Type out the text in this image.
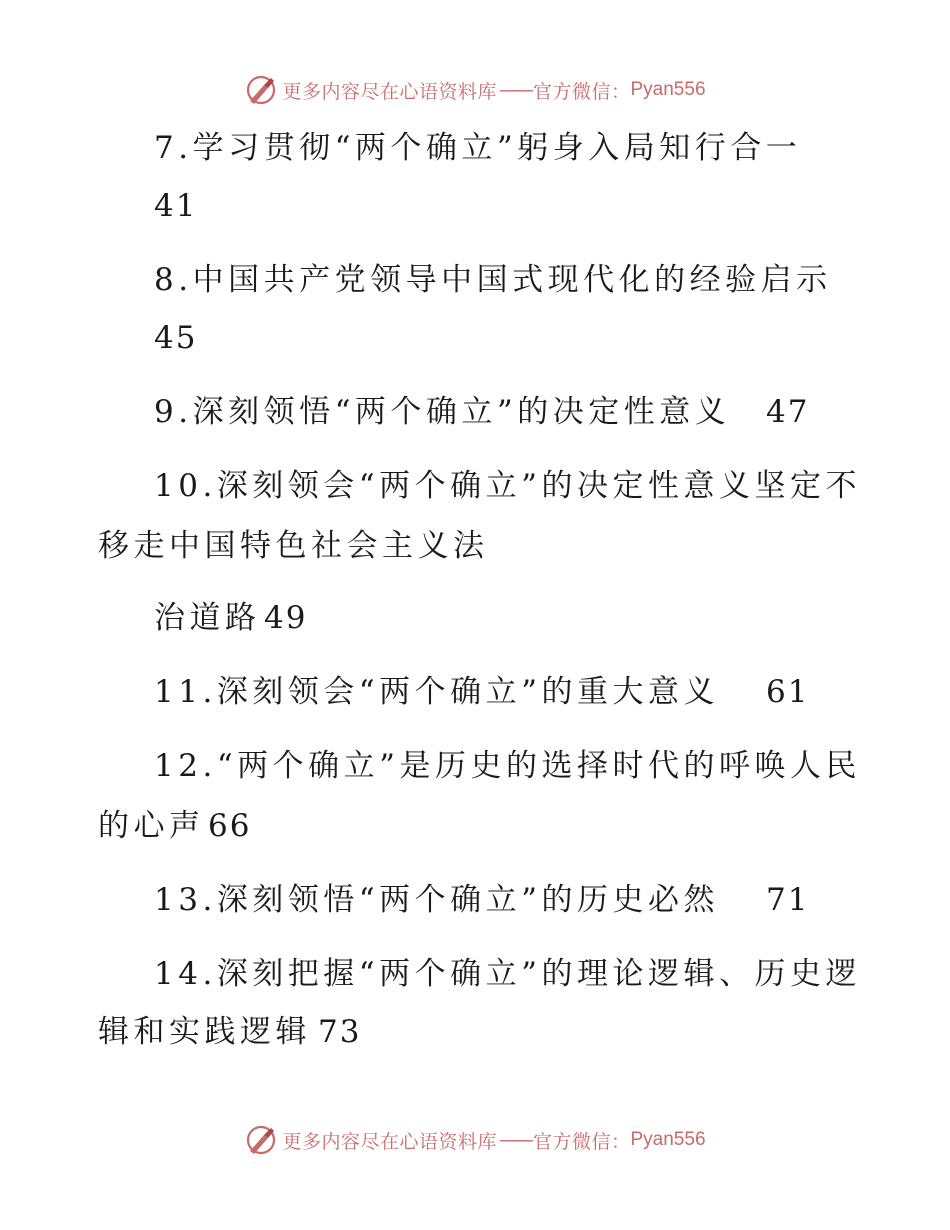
更多内容尽在心语资料库 —— 官方微信： Pyan556
7.学习贯彻“两个确立”躬身入局知行合一
41
8.中国共产党领导中国式现代化的经验启示
45
9.深刻领悟“两个确立”的决定性意义 47
10.深刻领会“两个确立”的决定性意义坚定不
移走中国特色社会主义法
治道路 49
11.深刻领会“两个确立”的重大意义 61
12.“两个确立”是历史的选择时代的呼唤人民
的心声 66
13.深刻领悟“两个确立”的历史必然 71
14.深刻把握“两个确立”的理论逻辑、历史逻
辑和实践逻辑 73
更多内容尽在心语资料库 —— 官方微信： Pyan556
